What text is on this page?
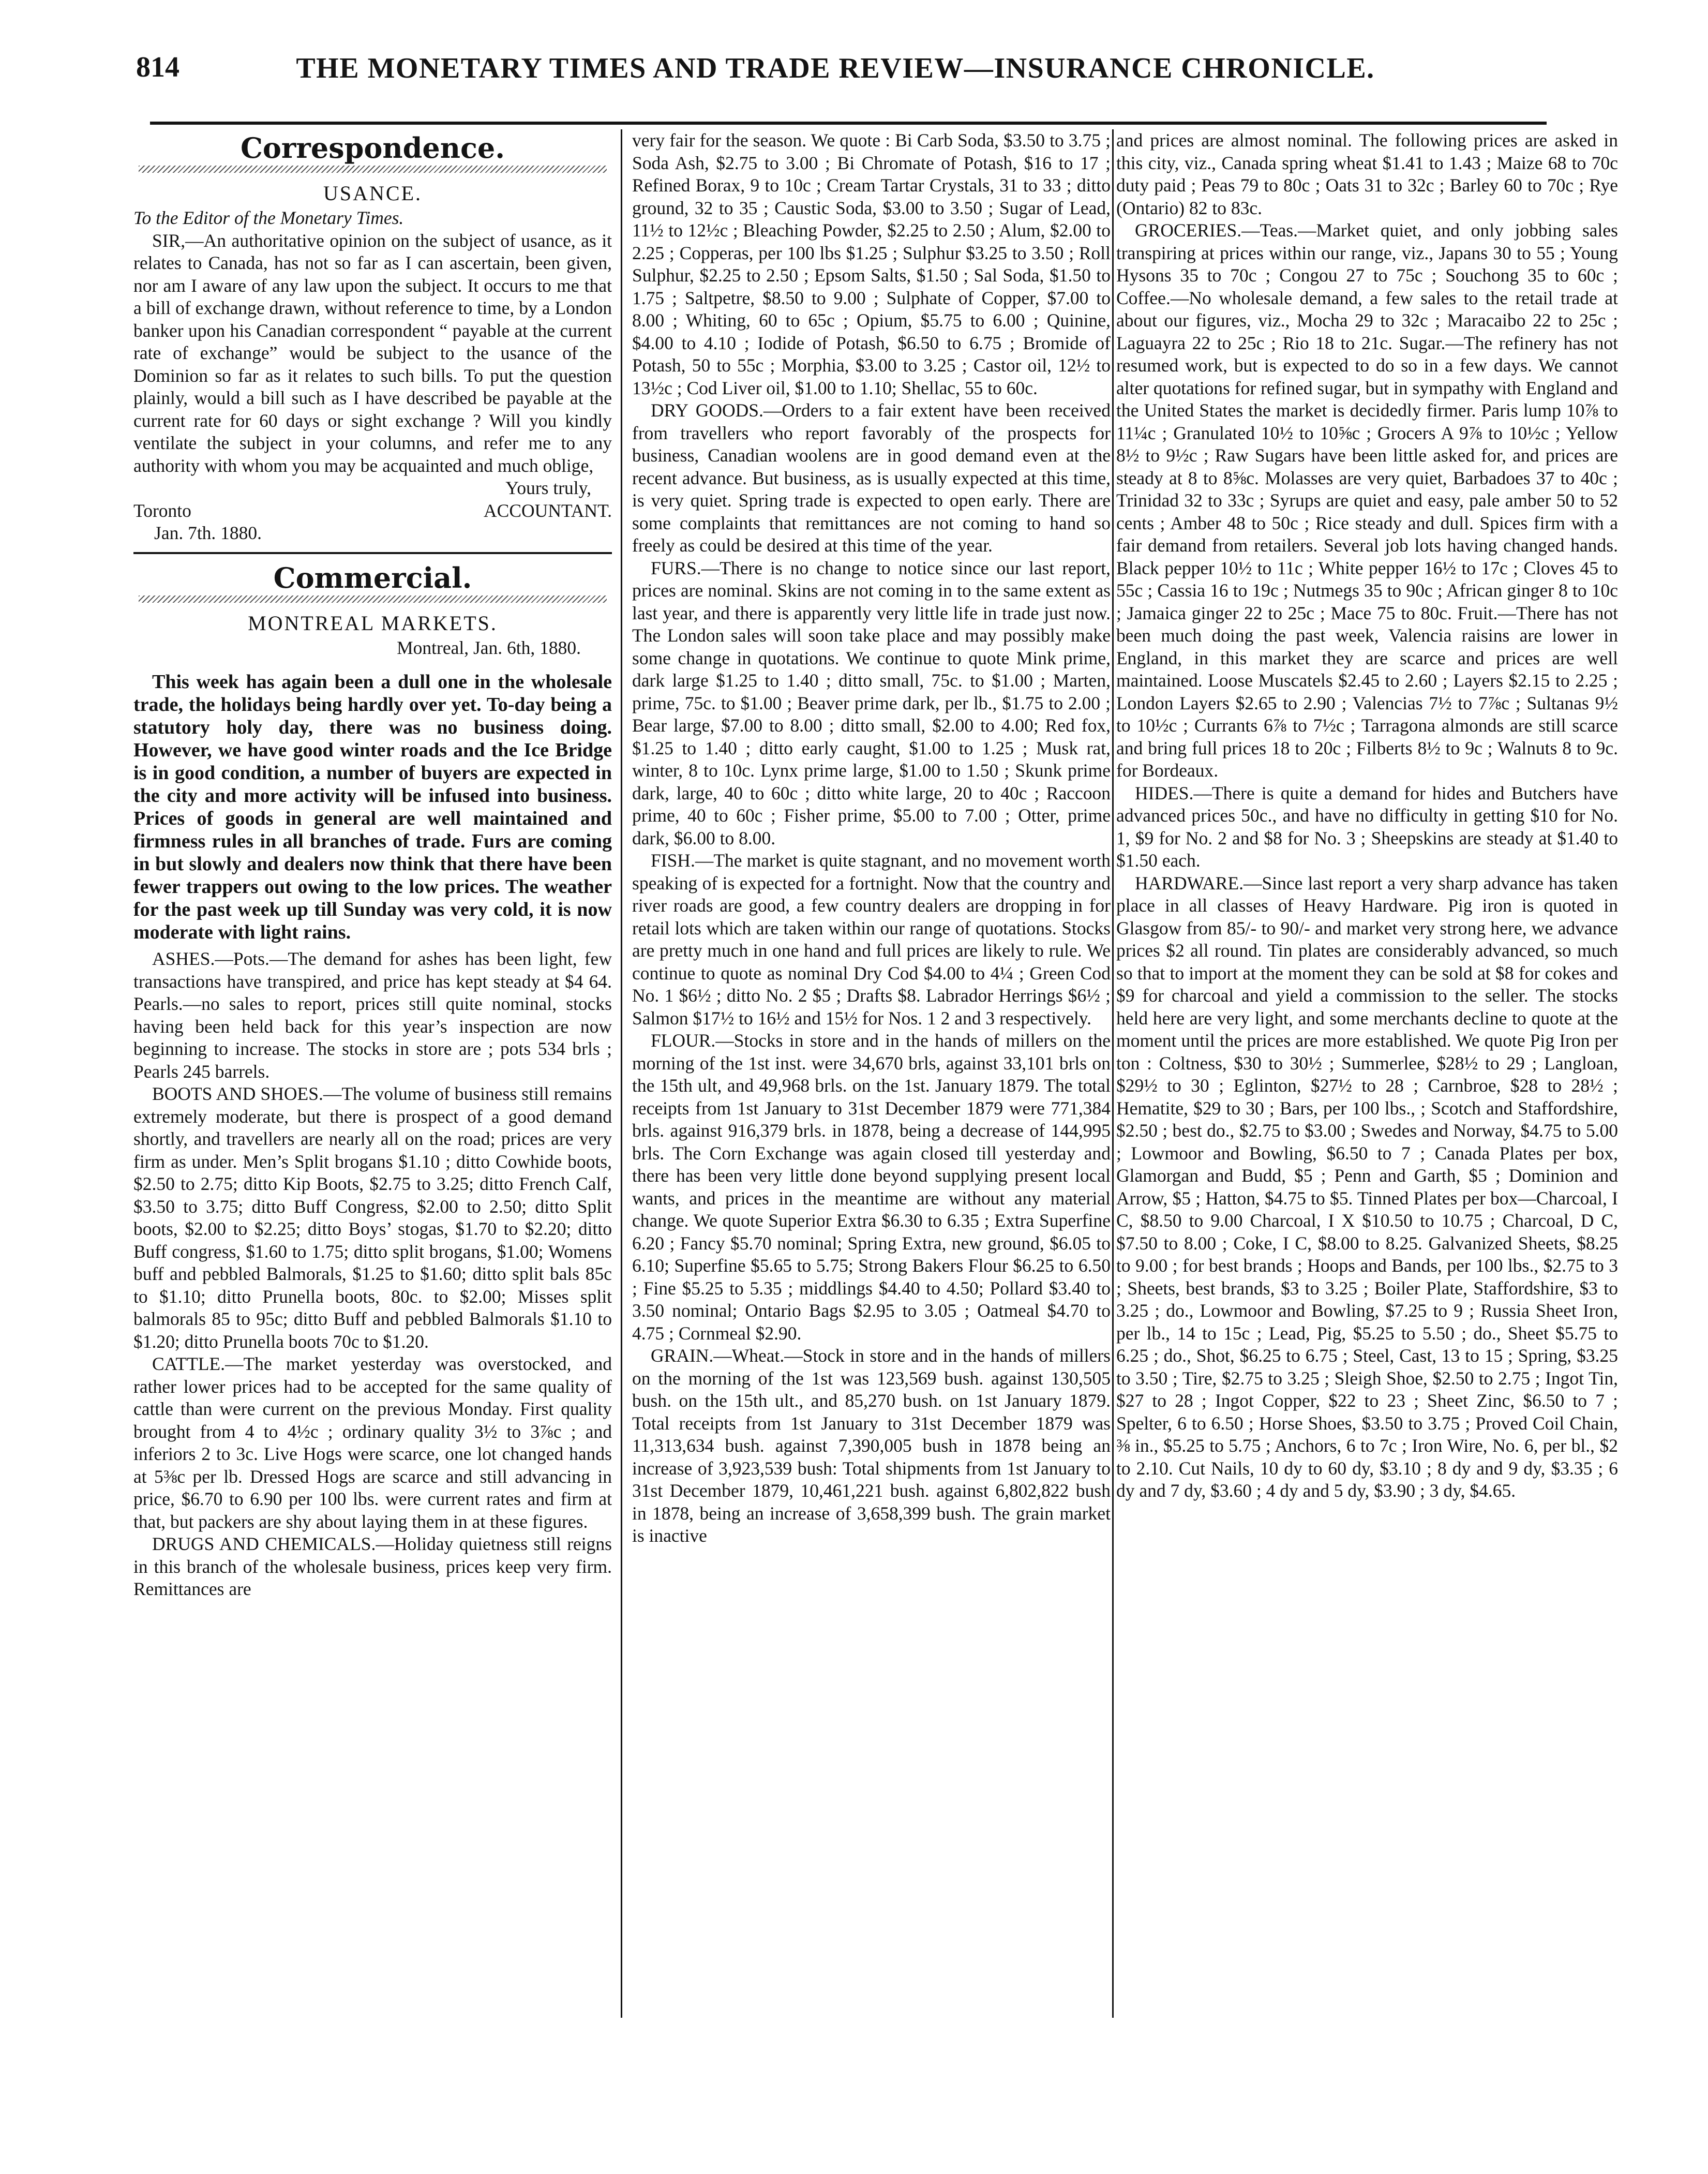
814	THE MONETARY TIMES AND TRADE REVIEW—INSURANCE CHRONICLE.
Correspondence.
USANCE.

To the Editor of the Monetary Times.

SIR,—An authoritative opinion on the subject of usance, as it relates to Canada, has not so far as I can ascertain, been given, nor am I aware of any law upon the subject. It occurs to me that a bill of exchange drawn, without reference to time, by a London banker upon his Canadian correspondent “ payable at the current rate of exchange” would be subject to the usance of the Dominion so far as it relates to such bills. To put the question plainly, would a bill such as I have described be payable at the current rate for 60 days or sight exchange ? Will you kindly ventilate the subject in your columns, and refer me to any authority with whom you may be acquainted and much oblige,

Yours truly,

Toronto	ACCOUNTANT.

Jan. 7th. 1880.

Commercial.
MONTREAL MARKETS.

Montreal, Jan. 6th, 1880.

This week has again been a dull one in the wholesale trade, the holidays being hardly over yet. To-day being a statutory holy day, there was no business doing. However, we have good winter roads and the Ice Bridge is in good condition, a number of buyers are expected in the city and more activity will be infused into business. Prices of goods in general are well maintained and firmness rules in all branches of trade. Furs are coming in but slowly and dealers now think that there have been fewer trappers out owing to the low prices. The weather for the past week up till Sunday was very cold, it is now moderate with light rains.

ASHES.—Pots.—The demand for ashes has been light, few transactions have transpired, and price has kept steady at $4 64. Pearls.—no sales to report, prices still quite nominal, stocks having been held back for this year’s inspection are now beginning to increase. The stocks in store are ; pots 534 brls ; Pearls 245 barrels.

BOOTS AND SHOES.—The volume of business still remains extremely moderate, but there is prospect of a good demand shortly, and travellers are nearly all on the road; prices are very firm as under. Men’s Split brogans $1.10 ; ditto Cowhide boots, $2.50 to 2.75; ditto Kip Boots, $2.75 to 3.25; ditto French Calf, $3.50 to 3.75; ditto Buff Congress, $2.00 to 2.50; ditto Split boots, $2.00 to $2.25; ditto Boys’ stogas, $1.70 to $2.20; ditto Buff congress, $1.60 to 1.75; ditto split brogans, $1.00; Womens buff and pebbled Balmorals, $1.25 to $1.60; ditto split bals 85c to $1.10; ditto Prunella boots, 80c. to $2.00; Misses split balmorals 85 to 95c; ditto Buff and pebbled Balmorals $1.10 to $1.20; ditto Prunella boots 70c to $1.20.

CATTLE.—The market yesterday was overstocked, and rather lower prices had to be accepted for the same quality of cattle than were current on the previous Monday. First quality brought from 4 to 4½c ; ordinary quality 3½ to 3⅞c ; and inferiors 2 to 3c. Live Hogs were scarce, one lot changed hands at 5⅜c per lb. Dressed Hogs are scarce and still advancing in price, $6.70 to 6.90 per 100 lbs. were current rates and firm at that, but packers are shy about laying them in at these figures.

DRUGS AND CHEMICALS.—Holiday quietness still reigns in this branch of the wholesale business, prices keep very firm. Remittances are

very fair for the season. We quote : Bi Carb Soda, $3.50 to 3.75 ; Soda Ash, $2.75 to 3.00 ; Bi Chromate of Potash, $16 to 17 ; Refined Borax, 9 to 10c ; Cream Tartar Crystals, 31 to 33 ; ditto ground, 32 to 35 ; Caustic Soda, $3.00 to 3.50 ; Sugar of Lead, 11½ to 12½c ; Bleaching Powder, $2.25 to 2.50 ; Alum, $2.00 to 2.25 ; Copperas, per 100 lbs $1.25 ; Sulphur $3.25 to 3.50 ; Roll Sulphur, $2.25 to 2.50 ; Epsom Salts, $1.50 ; Sal Soda, $1.50 to 1.75 ; Saltpetre, $8.50 to 9.00 ; Sulphate of Copper, $7.00 to 8.00 ; Whiting, 60 to 65c ; Opium, $5.75 to 6.00 ; Quinine, $4.00 to 4.10 ; Iodide of Potash, $6.50 to 6.75 ; Bromide of Potash, 50 to 55c ; Morphia, $3.00 to 3.25 ; Castor oil, 12½ to 13½c ; Cod Liver oil, $1.00 to 1.10; Shellac, 55 to 60c.

DRY GOODS.—Orders to a fair extent have been received from travellers who report favorably of the prospects for business, Canadian woolens are in good demand even at the recent advance. But business, as is usually expected at this time, is very quiet. Spring trade is expected to open early. There are some complaints that remittances are not coming to hand so freely as could be desired at this time of the year.

FURS.—There is no change to notice since our last report, prices are nominal. Skins are not coming in to the same extent as last year, and there is apparently very little life in trade just now. The London sales will soon take place and may possibly make some change in quotations. We continue to quote Mink prime, dark large $1.25 to 1.40 ; ditto small, 75c. to $1.00 ; Marten, prime, 75c. to $1.00 ; Beaver prime dark, per lb., $1.75 to 2.00 ; Bear large, $7.00 to 8.00 ; ditto small, $2.00 to 4.00; Red fox, $1.25 to 1.40 ; ditto early caught, $1.00 to 1.25 ; Musk rat, winter, 8 to 10c. Lynx prime large, $1.00 to 1.50 ; Skunk prime dark, large, 40 to 60c ; ditto white large, 20 to 40c ; Raccoon prime, 40 to 60c ; Fisher prime, $5.00 to 7.00 ; Otter, prime dark, $6.00 to 8.00.

FISH.—The market is quite stagnant, and no movement worth speaking of is expected for a fortnight. Now that the country and river roads are good, a few country dealers are dropping in for retail lots which are taken within our range of quotations. Stocks are pretty much in one hand and full prices are likely to rule. We continue to quote as nominal Dry Cod $4.00 to 4¼ ; Green Cod No. 1 $6½ ; ditto No. 2 $5 ; Drafts $8. Labrador Herrings $6½ ; Salmon $17½ to 16½ and 15½ for Nos. 1 2 and 3 respectively.

FLOUR.—Stocks in store and in the hands of millers on the morning of the 1st inst. were 34,670 brls, against 33,101 brls on the 15th ult, and 49,968 brls. on the 1st. January 1879. The total receipts from 1st January to 31st December 1879 were 771,384 brls. against 916,379 brls. in 1878, being a decrease of 144,995 brls. The Corn Exchange was again closed till yesterday and there has been very little done beyond supplying present local wants, and prices in the meantime are without any material change. We quote Superior Extra $6.30 to 6.35 ; Extra Superfine 6.20 ; Fancy $5.70 nominal; Spring Extra, new ground, $6.05 to 6.10; Superfine $5.65 to 5.75; Strong Bakers Flour $6.25 to 6.50 ; Fine $5.25 to 5.35 ; middlings $4.40 to 4.50; Pollard $3.40 to 3.50 nominal; Ontario Bags $2.95 to 3.05 ; Oatmeal $4.70 to 4.75 ; Cornmeal $2.90.

GRAIN.—Wheat.—Stock in store and in the hands of millers on the morning of the 1st was 123,569 bush. against 130,505 bush. on the 15th ult., and 85,270 bush. on 1st January 1879. Total receipts from 1st January to 31st December 1879 was 11,313,634 bush. against 7,390,005 bush in 1878 being an increase of 3,923,539 bush: Total shipments from 1st January to 31st December 1879, 10,461,221 bush. against 6,802,822 bush in 1878, being an increase of 3,658,399 bush. The grain market is inactive

and prices are almost nominal. The following prices are asked in this city, viz., Canada spring wheat $1.41 to 1.43 ; Maize 68 to 70c duty paid ; Peas 79 to 80c ; Oats 31 to 32c ; Barley 60 to 70c ; Rye (Ontario) 82 to 83c.

GROCERIES.—Teas.—Market quiet, and only jobbing sales transpiring at prices within our range, viz., Japans 30 to 55 ; Young Hysons 35 to 70c ; Congou 27 to 75c ; Souchong 35 to 60c ; Coffee.—No wholesale demand, a few sales to the retail trade at about our figures, viz., Mocha 29 to 32c ; Maracaibo 22 to 25c ; Laguayra 22 to 25c ; Rio 18 to 21c. Sugar.—The refinery has not resumed work, but is expected to do so in a few days. We cannot alter quotations for refined sugar, but in sympathy with England and the United States the market is decidedly firmer. Paris lump 10⅞ to 11¼c ; Granulated 10½ to 10⅝c ; Grocers A 9⅞ to 10½c ; Yellow 8½ to 9½c ; Raw Sugars have been little asked for, and prices are steady at 8 to 8⅝c. Molasses are very quiet, Barbadoes 37 to 40c ; Trinidad 32 to 33c ; Syrups are quiet and easy, pale amber 50 to 52 cents ; Amber 48 to 50c ; Rice steady and dull. Spices firm with a fair demand from retailers. Several job lots having changed hands. Black pepper 10½ to 11c ; White pepper 16½ to 17c ; Cloves 45 to 55c ; Cassia 16 to 19c ; Nutmegs 35 to 90c ; African ginger 8 to 10c ; Jamaica ginger 22 to 25c ; Mace 75 to 80c. Fruit.—There has not been much doing the past week, Valencia raisins are lower in England, in this market they are scarce and prices are well maintained. Loose Muscatels $2.45 to 2.60 ; Layers $2.15 to 2.25 ; London Layers $2.65 to 2.90 ; Valencias 7½ to 7⅞c ; Sultanas 9½ to 10½c ; Currants 6⅞ to 7½c ; Tarragona almonds are still scarce and bring full prices 18 to 20c ; Filberts 8½ to 9c ; Walnuts 8 to 9c. for Bordeaux.

HIDES.—There is quite a demand for hides and Butchers have advanced prices 50c., and have no difficulty in getting $10 for No. 1, $9 for No. 2 and $8 for No. 3 ; Sheepskins are steady at $1.40 to $1.50 each.

HARDWARE.—Since last report a very sharp advance has taken place in all classes of Heavy Hardware. Pig iron is quoted in Glasgow from 85/- to 90/- and market very strong here, we advance prices $2 all round. Tin plates are considerably advanced, so much so that to import at the moment they can be sold at $8 for cokes and $9 for charcoal and yield a commission to the seller. The stocks held here are very light, and some merchants decline to quote at the moment until the prices are more established. We quote Pig Iron per ton : Coltness, $30 to 30½ ; Summerlee, $28½ to 29 ; Langloan, $29½ to 30 ; Eglinton, $27½ to 28 ; Carnbroe, $28 to 28½ ; Hematite, $29 to 30 ; Bars, per 100 lbs., ; Scotch and Staffordshire, $2.50 ; best do., $2.75 to $3.00 ; Swedes and Norway, $4.75 to 5.00 ; Lowmoor and Bowling, $6.50 to 7 ; Canada Plates per box, Glamorgan and Budd, $5 ; Penn and Garth, $5 ; Dominion and Arrow, $5 ; Hatton, $4.75 to $5. Tinned Plates per box—Charcoal, I C, $8.50 to 9.00 Charcoal, I X $10.50 to 10.75 ; Charcoal, D C, $7.50 to 8.00 ; Coke, I C, $8.00 to 8.25. Galvanized Sheets, $8.25 to 9.00 ; for best brands ; Hoops and Bands, per 100 lbs., $2.75 to 3 ; Sheets, best brands, $3 to 3.25 ; Boiler Plate, Staffordshire, $3 to 3.25 ; do., Lowmoor and Bowling, $7.25 to 9 ; Russia Sheet Iron, per lb., 14 to 15c ; Lead, Pig, $5.25 to 5.50 ; do., Sheet $5.75 to 6.25 ; do., Shot, $6.25 to 6.75 ; Steel, Cast, 13 to 15 ; Spring, $3.25 to 3.50 ; Tire, $2.75 to 3.25 ; Sleigh Shoe, $2.50 to 2.75 ; Ingot Tin, $27 to 28 ; Ingot Copper, $22 to 23 ; Sheet Zinc, $6.50 to 7 ; Spelter, 6 to 6.50 ; Horse Shoes, $3.50 to 3.75 ; Proved Coil Chain, ⅜ in., $5.25 to 5.75 ; Anchors, 6 to 7c ; Iron Wire, No. 6, per bl., $2 to 2.10. Cut Nails, 10 dy to 60 dy, $3.10 ; 8 dy and 9 dy, $3.35 ; 6 dy and 7 dy, $3.60 ; 4 dy and 5 dy, $3.90 ; 3 dy, $4.65.
